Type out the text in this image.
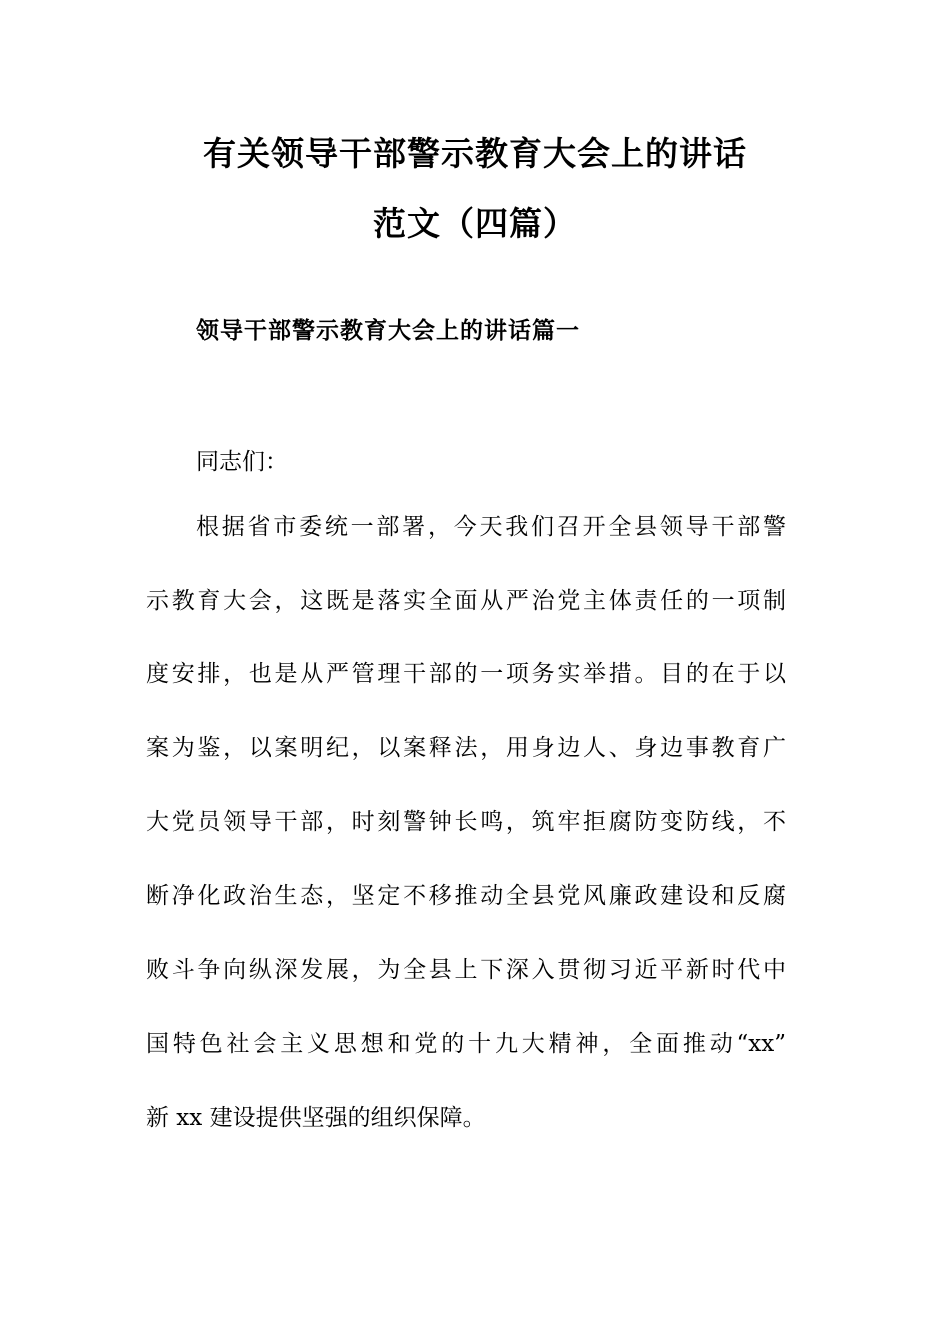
有关领导干部警示教育大会上的讲话
范文（四篇）
领导干部警示教育大会上的讲话篇一
同志们：
根据省市委统一部署，今天我们召开全县领导干部警
示教育大会，这既是落实全面从严治党主体责任的一项制
度安排，也是从严管理干部的一项务实举措。目的在于以
案为鉴，以案明纪，以案释法，用身边人、身边事教育广
大党员领导干部，时刻警钟长鸣，筑牢拒腐防变防线，不
断净化政治生态，坚定不移推动全县党风廉政建设和反腐
败斗争向纵深发展，为全县上下深入贯彻习近平新时代中
国特色社会主义思想和党的十九大精神，全面推动“xx”
新 xx 建设提供坚强的组织保障。
